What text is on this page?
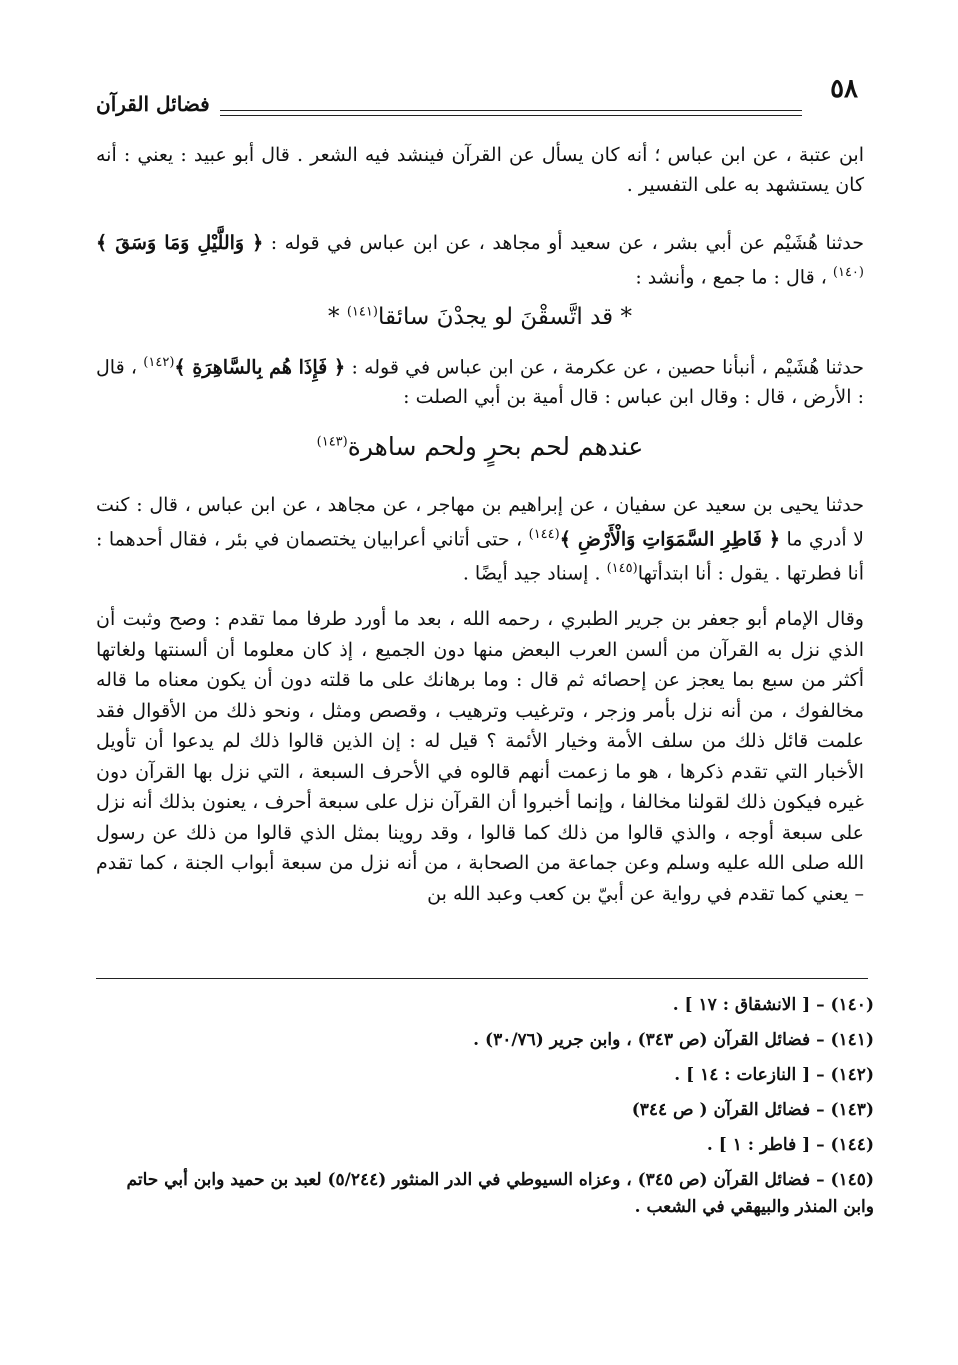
٥٨
فضائل القرآن

ابن عتبة ، عن ابن عباس ؛ أنه كان يسأل عن القرآن فينشد فيه الشعر . قال أبو عبيد : يعني : أنه كان يستشهد به على التفسير .

حدثنا هُشَيْم عن أبي بشر ، عن سعيد أو مجاهد ، عن ابن عباس في قوله : ﴿ وَاللَّيْلِ وَمَا وَسَقَ ﴾$^{(١٤٠)}$ ، قال : ما جمع ، وأنشد :

* قد اتَّسقْنَ لو يجدْنَ سائقا$^{(١٤١)}$ *

حدثنا هُشَيْم ، أنبأنا حصين ، عن عكرمة ، عن ابن عباس في قوله : ﴿ فَإِذَا هُم بِالسَّاهِرَةِ ﴾$^{(١٤٢)}$ ، قال : الأرض ، قال : وقال ابن عباس : قال أمية بن أبي الصلت :

عندهم لحم بحرٍ ولحم ساهرة$^{(١٤٣)}$

حدثنا يحيى بن سعيد عن سفيان ، عن إبراهيم بن مهاجر ، عن مجاهد ، عن ابن عباس ، قال : كنت لا أدري ما ﴿ فَاطِرِ السَّمَوَاتِ وَالْأَرْضِ ﴾$^{(١٤٤)}$ ، حتى أتاني أعرابيان يختصمان في بئر ، فقال أحدهما : أنا فطرتها . يقول : أنا ابتدأتها$^{(١٤٥)}$ . إسناد جيد أيضًا .

وقال الإمام أبو جعفر بن جرير الطبري ، رحمه الله ، بعد ما أورد طرفا مما تقدم : وصح وثبت أن الذي نزل به القرآن من ألسن العرب البعض منها دون الجميع ، إذ كان معلوما أن ألسنتها ولغاتها أكثر من سبع بما يعجز عن إحصائه ثم قال : وما برهانك على ما قلته دون أن يكون معناه ما قاله مخالفوك ، من أنه نزل بأمر وزجر ، وترغيب وترهيب ، وقصص ومثل ، ونحو ذلك من الأقوال فقد علمت قائل ذلك من سلف الأمة وخيار الأئمة ؟ قيل له : إن الذين قالوا ذلك لم يدعوا أن تأويل الأخبار التي تقدم ذكرها ، هو ما زعمت أنهم قالوه في الأحرف السبعة ، التي نزل بها القرآن دون غيره فيكون ذلك لقولنا مخالفا ، وإنما أخبروا أن القرآن نزل على سبعة أحرف ، يعنون بذلك أنه نزل على سبعة أوجه ، والذي قالوا من ذلك كما قالوا ، وقد روينا بمثل الذي قالوا من ذلك عن رسول الله صلى الله عليه وسلم وعن جماعة من الصحابة ، من أنه نزل من سبعة أبواب الجنة ، كما تقدم – يعني كما تقدم في رواية عن أبيّ بن كعب وعبد الله بن

(١٤٠) – [ الانشقاق : ١٧ ] .

(١٤١) – فضائل القرآن (ص ٣٤٣) ، وابن جرير (٣٠/٧٦) .

(١٤٢) – [ النازعات : ١٤ ] .

(١٤٣) – فضائل القرآن ( ص ٣٤٤)

(١٤٤) – [ فاطر : ١ ] .

(١٤٥) – فضائل القرآن (ص ٣٤٥) ، وعزاه السيوطي في الدر المنثور (٥/٢٤٤) لعبد بن حميد وابن أبي حاتم وابن المنذر والبيهقي في الشعب .
